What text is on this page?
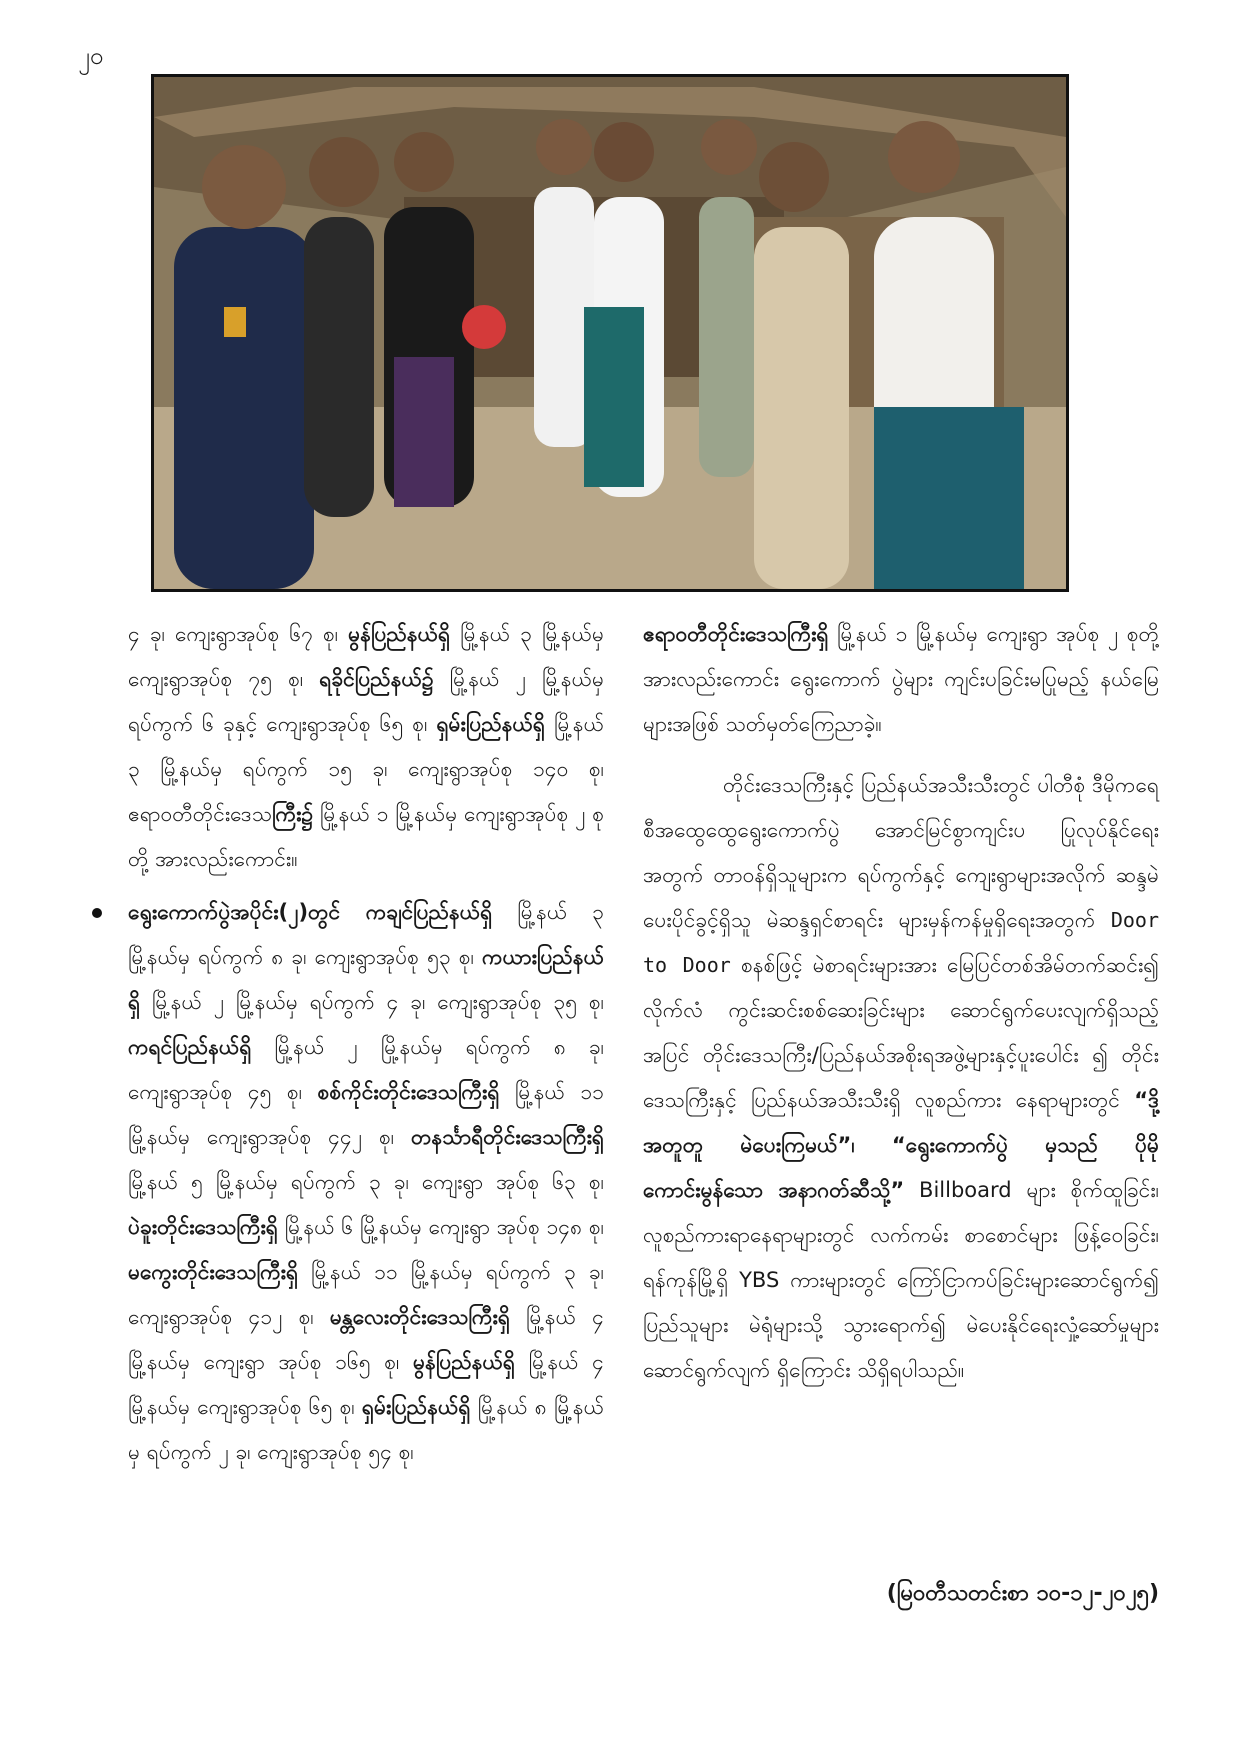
၂၀

၄ ခု၊ ကျေးရွာအုပ်စု ၆၇ စု၊ မွန်ပြည်နယ်ရှိ မြို့နယ် ၃ မြို့နယ်မှ ကျေးရွာအုပ်စု ၇၅ စု၊ ရခိုင်ပြည်နယ်၌ မြို့နယ် ၂ မြို့နယ်မှ ရပ်ကွက် ၆ ခုနှင့် ကျေးရွာအုပ်စု ၆၅ စု၊ ရှမ်းပြည်နယ်ရှိ မြို့နယ် ၃ မြို့နယ်မှ ရပ်ကွက် ၁၅ ခု၊ ကျေးရွာအုပ်စု ၁၄၀ စု၊ ဧရာဝတီတိုင်းဒေသကြီး၌ မြို့နယ် ၁ မြို့နယ်မှ ကျေးရွာအုပ်စု ၂ စုတို့ အားလည်းကောင်း။

ရွေးကောက်ပွဲအပိုင်း(၂)တွင် ကချင်ပြည်နယ်ရှိ မြို့နယ် ၃ မြို့နယ်မှ ရပ်ကွက် ၈ ခု၊ ကျေးရွာအုပ်စု ၅၃ စု၊ ကယားပြည်နယ်ရှိ မြို့နယ် ၂ မြို့နယ်မှ ရပ်ကွက် ၄ ခု၊ ကျေးရွာအုပ်စု ၃၅ စု၊ ကရင်ပြည်နယ်ရှိ မြို့နယ် ၂ မြို့နယ်မှ ရပ်ကွက် ၈ ခု၊ ကျေးရွာအုပ်စု ၄၅ စု၊ စစ်ကိုင်းတိုင်းဒေသကြီးရှိ မြို့နယ် ၁၁ မြို့နယ်မှ ကျေးရွာအုပ်စု ၄၄၂ စု၊ တနင်္သာရီတိုင်းဒေသကြီးရှိ မြို့နယ် ၅ မြို့နယ်မှ ရပ်ကွက် ၃ ခု၊ ကျေးရွာ အုပ်စု ၆၃ စု၊ ပဲခူးတိုင်းဒေသကြီးရှိ မြို့နယ် ၆ မြို့နယ်မှ ကျေးရွာ အုပ်စု ၁၄၈ စု၊ မကွေးတိုင်းဒေသကြီးရှိ မြို့နယ် ၁၁ မြို့နယ်မှ ရပ်ကွက် ၃ ခု၊ ကျေးရွာအုပ်စု ၄၁၂ စု၊ မန္တလေးတိုင်းဒေသကြီးရှိ မြို့နယ် ၄ မြို့နယ်မှ ကျေးရွာ အုပ်စု ၁၆၅ စု၊ မွန်ပြည်နယ်ရှိ မြို့နယ် ၄ မြို့နယ်မှ ကျေးရွာအုပ်စု ၆၅ စု၊ ရှမ်းပြည်နယ်ရှိ မြို့နယ် ၈ မြို့နယ်မှ ရပ်ကွက် ၂ ခု၊ ကျေးရွာအုပ်စု ၅၄ စု၊

ဧရာဝတီတိုင်းဒေသကြီးရှိ မြို့နယ် ၁ မြို့နယ်မှ ကျေးရွာ အုပ်စု ၂ စုတို့အားလည်းကောင်း ရွေးကောက် ပွဲများ ကျင်းပခြင်းမပြုမည့် နယ်မြေများအဖြစ် သတ်မှတ်ကြေညာခဲ့။

တိုင်းဒေသကြီးနှင့် ပြည်နယ်အသီးသီးတွင် ပါတီစုံ ဒီမိုကရေစီအထွေထွေရွေးကောက်ပွဲ အောင်မြင်စွာကျင်းပ ပြုလုပ်နိုင်ရေးအတွက် တာဝန်ရှိသူများက ရပ်ကွက်နှင့် ကျေးရွာများအလိုက် ဆန္ဒမဲပေးပိုင်ခွင့်ရှိသူ မဲဆန္ဒရှင်စာရင်း များမှန်ကန်မှုရှိရေးအတွက် Door to Door စနစ်ဖြင့် မဲစာရင်းများအား မြေပြင်တစ်အိမ်တက်ဆင်း၍ လိုက်လံ ကွင်းဆင်းစစ်ဆေးခြင်းများ ဆောင်ရွက်ပေးလျက်ရှိသည့် အပြင် တိုင်းဒေသကြီး/ပြည်နယ်အစိုးရအဖွဲ့များနှင့်ပူးပေါင်း ၍ တိုင်းဒေသကြီးနှင့် ပြည်နယ်အသီးသီးရှိ လူစည်ကား နေရာများတွင် “ဒို့အတူတူ မဲပေးကြမယ်”၊ “ရွေးကောက်ပွဲ မှသည် ပိုမိုကောင်းမွန်သော အနာဂတ်ဆီသို့” Billboard များ စိုက်ထူခြင်း၊ လူစည်ကားရာနေရာများတွင် လက်ကမ်း စာစောင်များ ဖြန့်ဝေခြင်း၊ ရန်ကုန်မြို့ရှိ YBS ကားများတွင် ကြော်ငြာကပ်ခြင်းများဆောင်ရွက်၍ ပြည်သူများ မဲရုံများသို့ သွားရောက်၍ မဲပေးနိုင်ရေးလှုံ့ဆော်မှုများ ဆောင်ရွက်လျက် ရှိကြောင်း သိရှိရပါသည်။

(မြဝတီသတင်းစာ ၁၀-၁၂-၂၀၂၅)
